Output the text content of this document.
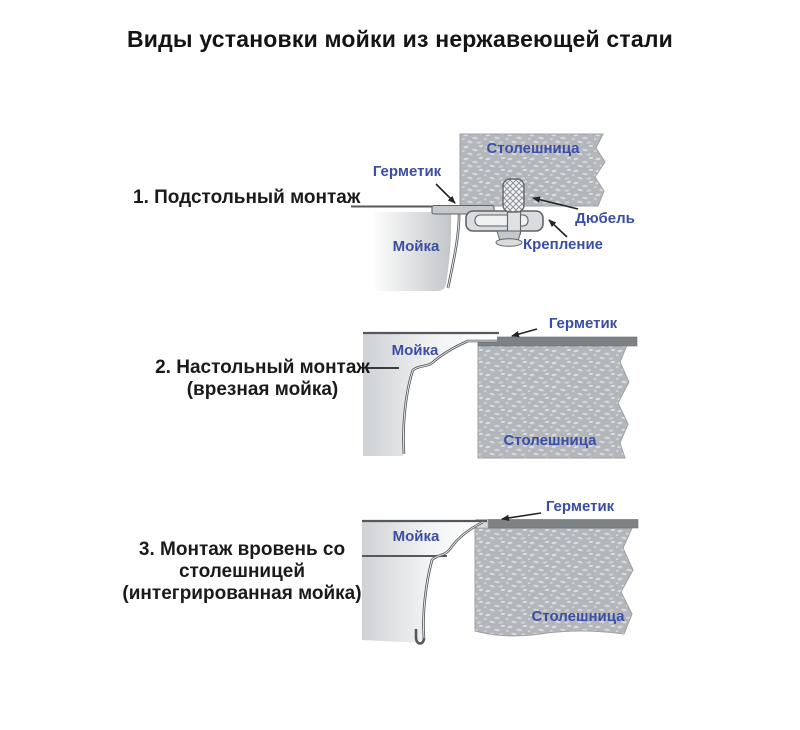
Виды установки мойки из нержавеющей стали
1. Подстольный монтаж
2. Настольный монтаж
(врезная мойка)
3. Монтаж вровень со
столешницей
(интегрированная мойка)
Герметик
Столешница
Дюбель
Крепление
Мойка
Мойка
Герметик
Столешница
Мойка
Герметик
Столешница
